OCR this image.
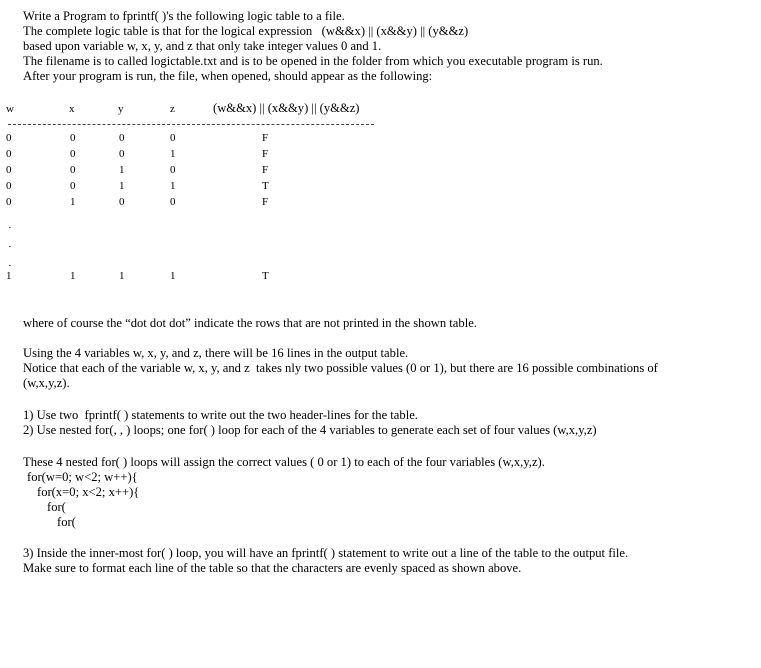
Write a Program to fprintf( )'s the following logic table to a file.
The complete logic table is that for the logical expression   (w&&x) || (x&&y) || (y&&z)
based upon variable w, x, y, and z that only take integer values 0 and 1.
The filename is to called logictable.txt and is to be opened in the folder from which you executable program is run.
After your program is run, the file, when opened, should appear as the following:
w	x	y	z	(w&&x) || (x&&y) || (y&&z)
0	0	0	0	F
0	0	0	1	F
0	0	1	0	F
0	0	1	1	T
0	1	0	0	F
·
·
·
1	1	1	1	T
where of course the “dot dot dot” indicate the rows that are not printed in the shown table.
Using the 4 variables w, x, y, and z, there will be 16 lines in the output table.
Notice that each of the variable w, x, y, and z  takes nly two possible values (0 or 1), but there are 16 possible combinations of
(w,x,y,z).
1) Use two  fprintf( ) statements to write out the two header-lines for the table.
2) Use nested for(, , ) loops; one for( ) loop for each of the 4 variables to generate each set of four values (w,x,y,z)
These 4 nested for( ) loops will assign the correct values ( 0 or 1) to each of the four variables (w,x,y,z).
for(w=0; w<2; w++){
for(x=0; x<2; x++){
for(
for(
3) Inside the inner-most for( ) loop, you will have an fprintf( ) statement to write out a line of the table to the output file.
Make sure to format each line of the table so that the characters are evenly spaced as shown above.
